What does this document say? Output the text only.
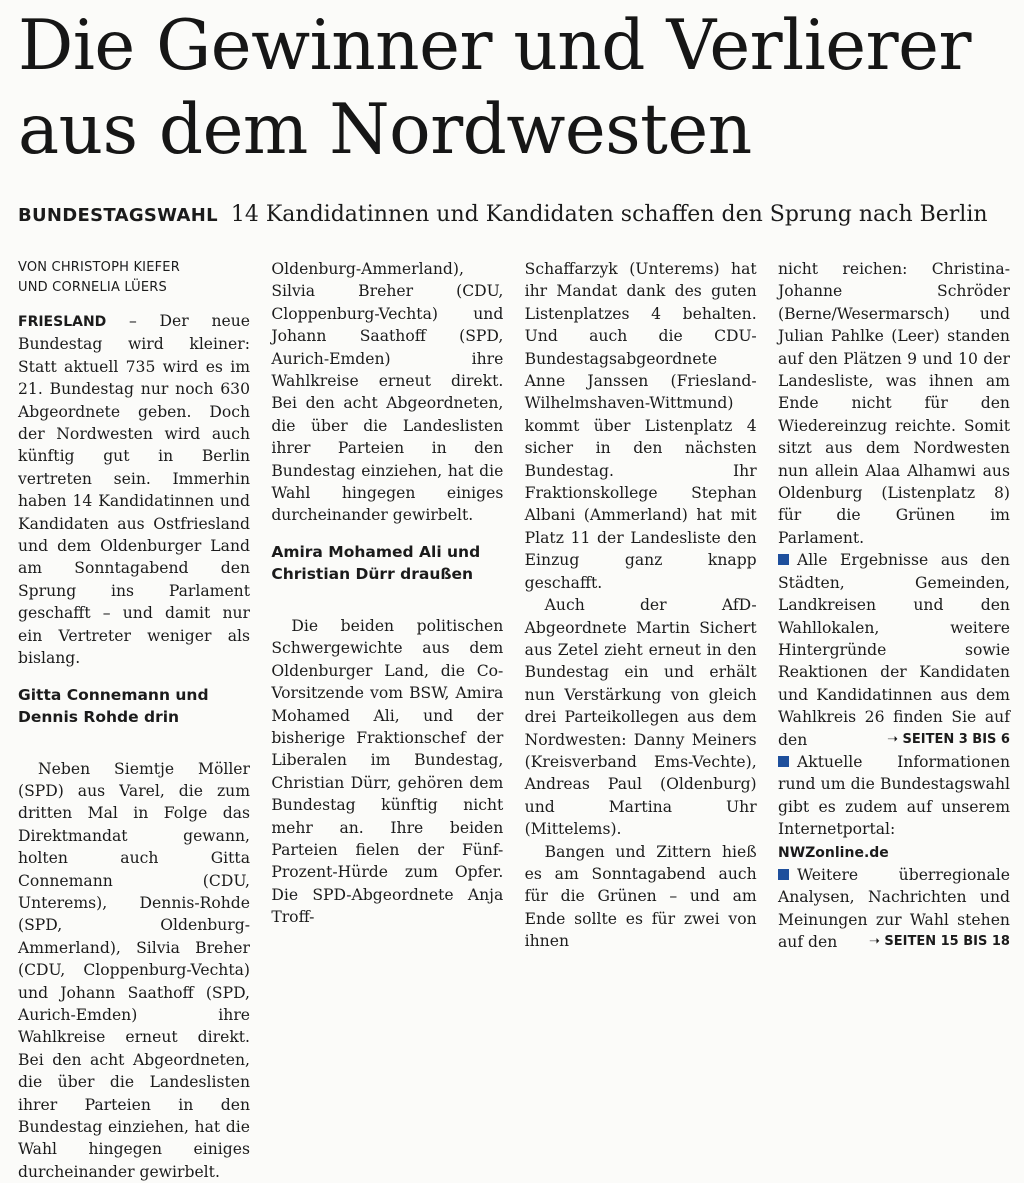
Die Gewinner und Verlierer
aus dem Nordwesten
BUNDESTAGSWAHL 14 Kandidatinnen und Kandidaten schaffen den Sprung nach Berlin
VON CHRISTOPH KIEFER
UND CORNELIA LÜERS

FRIESLAND – Der neue Bundestag wird kleiner: Statt aktuell 735 wird es im 21. Bundestag nur noch 630 Abgeordnete geben. Doch der Nordwesten wird auch künftig gut in Berlin vertreten sein. Immerhin haben 14 Kandidatinnen und Kandidaten aus Ostfriesland und dem Oldenburger Land am Sonntagabend den Sprung ins Parlament geschafft – und damit nur ein Vertreter weniger als bislang.

Gitta Connemann und Dennis Rohde drin

Neben Siemtje Möller (SPD) aus Varel, die zum dritten Mal in Folge das Direktmandat gewann, holten auch Gitta Connemann (CDU, Unterems), Dennis-Rohde (SPD, Oldenburg-Ammerland), Silvia Breher (CDU, Cloppenburg-Vechta) und Johann Saathoff (SPD, Aurich-Emden) ihre Wahlkreise erneut direkt. Bei den acht Abgeordneten, die über die Landeslisten ihrer Parteien in den Bundestag einziehen, hat die Wahl hingegen einiges durcheinander gewirbelt.

Oldenburg-Ammerland), Silvia Breher (CDU, Cloppenburg-Vechta) und Johann Saathoff (SPD, Aurich-Emden) ihre Wahlkreise erneut direkt. Bei den acht Abgeordneten, die über die Landeslisten ihrer Parteien in den Bundestag einziehen, hat die Wahl hingegen einiges durcheinander gewirbelt.

Amira Mohamed Ali und Christian Dürr draußen

Die beiden politischen Schwergewichte aus dem Oldenburger Land, die Co-Vorsitzende vom BSW, Amira Mohamed Ali, und der bisherige Fraktionschef der Liberalen im Bundestag, Christian Dürr, gehören dem Bundestag künftig nicht mehr an. Ihre beiden Parteien fielen der Fünf-Prozent-Hürde zum Opfer. Die SPD-Abgeordnete Anja Troff-

Schaffarzyk (Unterems) hat ihr Mandat dank des guten Listenplatzes 4 behalten. Und auch die CDU-Bundestagsabgeordnete Anne Janssen (Friesland-Wilhelmshaven-Wittmund) kommt über Listenplatz 4 sicher in den nächsten Bundestag. Ihr Fraktionskollege Stephan Albani (Ammerland) hat mit Platz 11 der Landesliste den Einzug ganz knapp geschafft.

Auch der AfD-Abgeordnete Martin Sichert aus Zetel zieht erneut in den Bundestag ein und erhält nun Verstärkung von gleich drei Parteikollegen aus dem Nordwesten: Danny Meiners (Kreisverband Ems-Vechte), Andreas Paul (Oldenburg) und Martina Uhr (Mittelems).

Bangen und Zittern hieß es am Sonntagabend auch für die Grünen – und am Ende sollte es für zwei von ihnen

nicht reichen: Christina-Johanne Schröder (Berne/Wesermarsch) und Julian Pahlke (Leer) standen auf den Plätzen 9 und 10 der Landesliste, was ihnen am Ende nicht für den Wiedereinzug reichte. Somit sitzt aus dem Nordwesten nun allein Alaa Alhamwi aus Oldenburg (Listenplatz 8) für die Grünen im Parlament.

Alle Ergebnisse aus den Städten, Gemeinden, Landkreisen und den Wahllokalen, weitere Hintergründe sowie Reaktionen der Kandidaten und Kandidatinnen aus dem Wahlkreis 26 finden Sie auf den	➝ SEITEN 3 BIS 6

Aktuelle Informationen rund um die Bundestagswahl gibt es zudem auf unserem Internetportal: NWZonline.de

Weitere überregionale Analysen, Nachrichten und Meinungen zur Wahl stehen auf den ➝ SEITEN 15 BIS 18
